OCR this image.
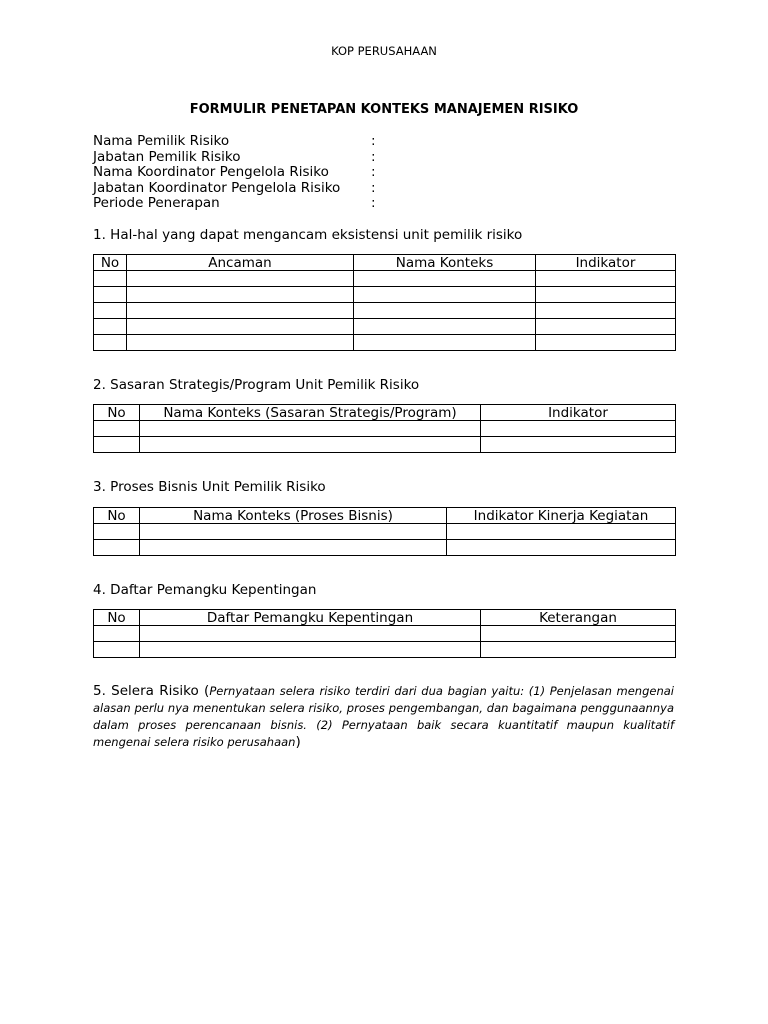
KOP PERUSAHAAN
FORMULIR PENETAPAN KONTEKS MANAJEMEN RISIKO
Nama Pemilik Risiko	:
Jabatan Pemilik Risiko	:
Nama Koordinator Pengelola Risiko	:
Jabatan Koordinator Pengelola Risiko :
Periode Penerapan	:
1. Hal-hal yang dapat mengancam eksistensi unit pemilik risiko
No	Ancaman	Nama Konteks	Indikator

2. Sasaran Strategis/Program Unit Pemilik Risiko
No	Nama Konteks (Sasaran Strategis/Program)	Indikator

3. Proses Bisnis Unit Pemilik Risiko
No	Nama Konteks (Proses Bisnis)	Indikator Kinerja Kegiatan

4. Daftar Pemangku Kepentingan
No	Daftar Pemangku Kepentingan	Keterangan

5. Selera Risiko (Pernyataan selera risiko terdiri dari dua bagian yaitu: (1) Penjelasan mengenai alasan perlu nya menentukan selera risiko, proses pengembangan, dan bagaimana penggunaannya dalam proses perencanaan bisnis. (2) Pernyataan baik secara kuantitatif maupun kualitatif mengenai selera risiko perusahaan)
